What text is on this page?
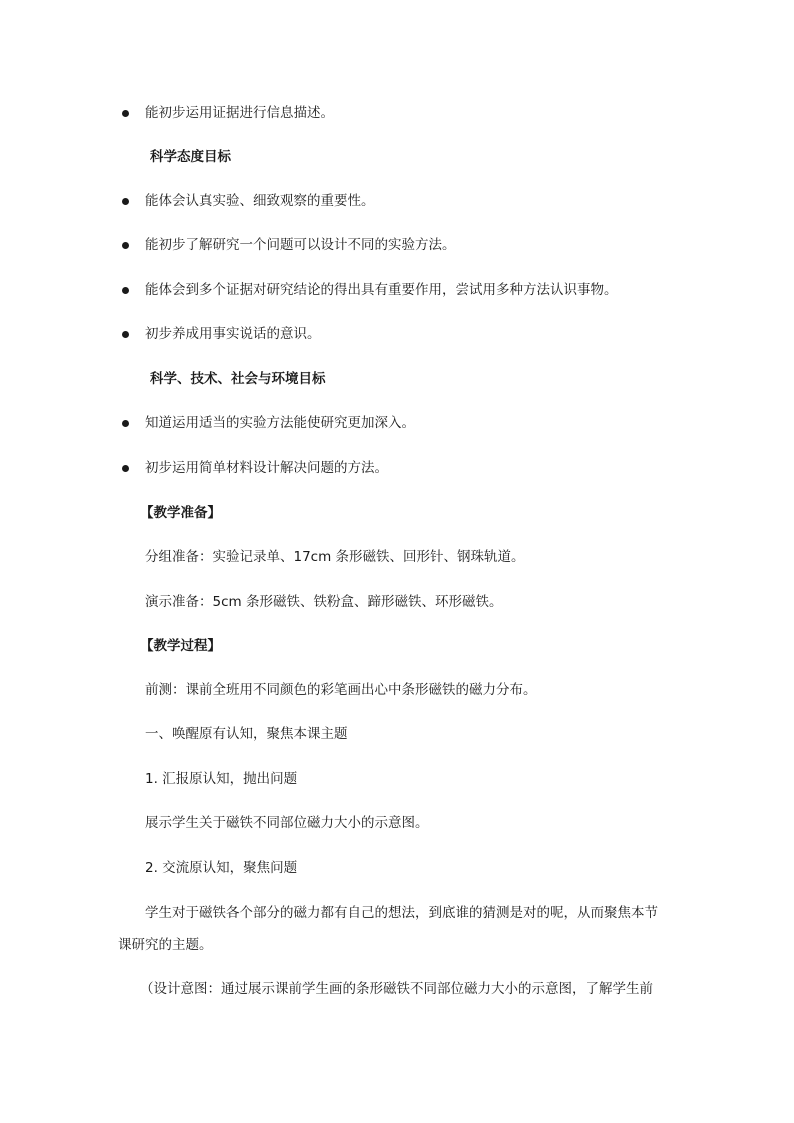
能初步运用证据进行信息描述。
科学态度目标
能体会认真实验、细致观察的重要性。
能初步了解研究一个问题可以设计不同的实验方法。
能体会到多个证据对研究结论的得出具有重要作用，尝试用多种方法认识事物。
初步养成用事实说话的意识。
科学、技术、社会与环境目标
知道运用适当的实验方法能使研究更加深入。
初步运用简单材料设计解决问题的方法。
【教学准备】
分组准备：实验记录单、17cm 条形磁铁、回形针、钢珠轨道。
演示准备：5cm 条形磁铁、铁粉盒、蹄形磁铁、环形磁铁。
【教学过程】
前测：课前全班用不同颜色的彩笔画出心中条形磁铁的磁力分布。
一、唤醒原有认知，聚焦本课主题
1. 汇报原认知，抛出问题
展示学生关于磁铁不同部位磁力大小的示意图。
2. 交流原认知，聚焦问题
学生对于磁铁各个部分的磁力都有自己的想法，到底谁的猜测是对的呢，从而聚焦本节
课研究的主题。
（设计意图：通过展示课前学生画的条形磁铁不同部位磁力大小的示意图，了解学生前
